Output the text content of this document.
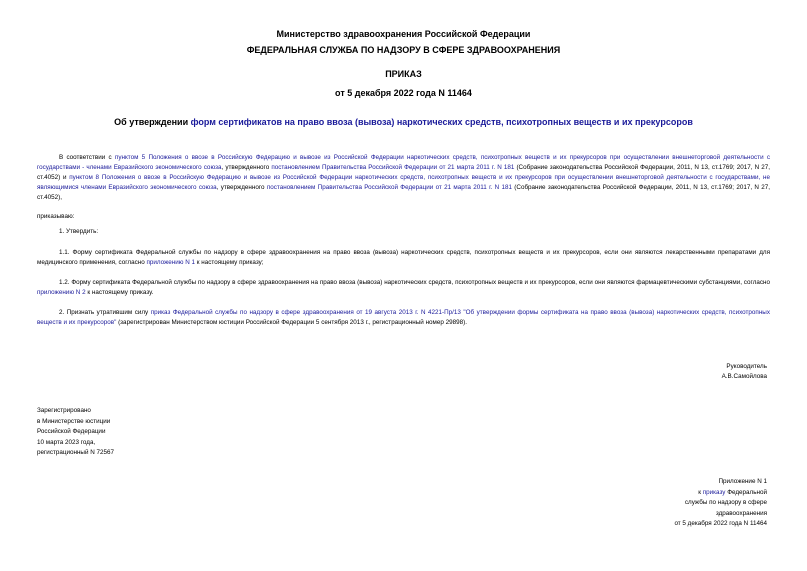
Министерство здравоохранения Российской Федерации
ФЕДЕРАЛЬНАЯ СЛУЖБА ПО НАДЗОРУ В СФЕРЕ ЗДРАВООХРАНЕНИЯ
ПРИКАЗ
от 5 декабря 2022 года N 11464
Об утверждении форм сертификатов на право ввоза (вывоза) наркотических средств, психотропных веществ и их прекурсоров
В соответствии с пунктом 5 Положения о ввозе в Российскую Федерацию и вывозе из Российской Федерации наркотических средств, психотропных веществ и их прекурсоров при осуществлении внешнеторговой деятельности с государствами - членами Евразийского экономического союза, утвержденного постановлением Правительства Российской Федерации от 21 марта 2011 г. N 181 (Собрание законодательства Российской Федерации, 2011, N 13, ст.1769; 2017, N 27, ст.4052) и пунктом 8 Положения о ввозе в Российскую Федерацию и вывозе из Российской Федерации наркотических средств, психотропных веществ и их прекурсоров при осуществлении внешнеторговой деятельности с государствами, не являющимися членами Евразийского экономического союза, утвержденного постановлением Правительства Российской Федерации от 21 марта 2011 г. N 181 (Собрание законодательства Российской Федерации, 2011, N 13, ст.1769; 2017, N 27, ст.4052),
приказываю:
1. Утвердить:
1.1. Форму сертификата Федеральной службы по надзору в сфере здравоохранения на право ввоза (вывоза) наркотических средств, психотропных веществ и их прекурсоров, если они являются лекарственными препаратами для медицинского применения, согласно приложению N 1 к настоящему приказу;
1.2. Форму сертификата Федеральной службы по надзору в сфере здравоохранения на право ввоза (вывоза) наркотических средств, психотропных веществ и их прекурсоров, если они являются фармацевтическими субстанциями, согласно приложению N 2 к настоящему приказу.
2. Признать утратившим силу приказ Федеральной службы по надзору в сфере здравоохранения от 19 августа 2013 г. N 4221-Пр/13 "Об утверждении формы сертификата на право ввоза (вывоза) наркотических средств, психотропных веществ и их прекурсоров" (зарегистрирован Министерством юстиции Российской Федерации 5 сентября 2013 г., регистрационный номер 29898).
Руководитель
А.В.Самойлова
Зарегистрировано
в Министерстве юстиции
Российской Федерации
10 марта 2023 года,
регистрационный N 72567
Приложение N 1
к приказу Федеральной
службы по надзору в сфере
здравоохранения
от 5 декабря 2022 года N 11464
